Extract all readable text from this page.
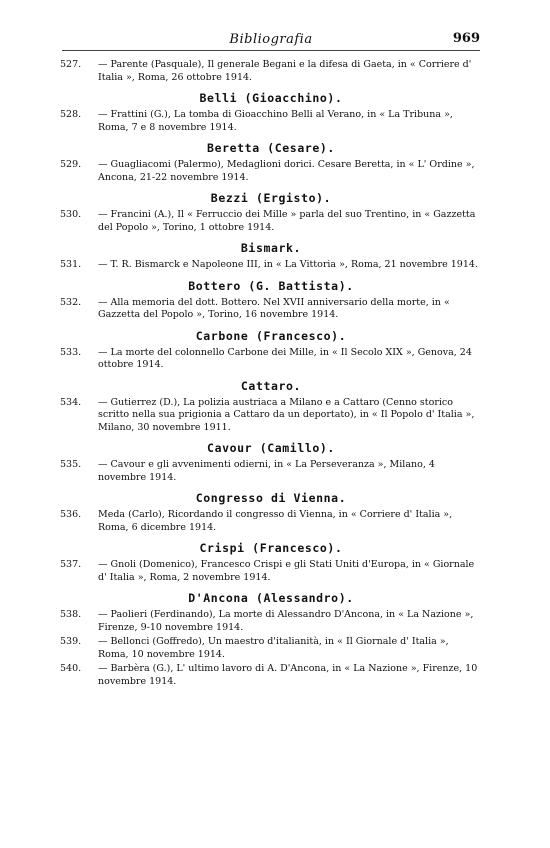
Bibliografia	969
527.	— Parente (Pasquale), Il generale Begani e la difesa di Gaeta, in « Corriere d' Italia », Roma, 26 ottobre 1914.
Belli (Gioacchino).
528.	— Frattini (G.), La tomba di Gioacchino Belli al Verano, in « La Tribuna », Roma, 7 e 8 novembre 1914.
Beretta (Cesare).
529.	— Guagliacomi (Palermo), Medaglioni dorici. Cesare Beretta, in « L' Ordine », Ancona, 21-22 novembre 1914.
Bezzi (Ergisto).
530.	— Francini (A.), Il « Ferruccio dei Mille » parla del suo Trentino, in « Gazzetta del Popolo », Torino, 1 ottobre 1914.
Bismark.
531.	— T. R. Bismarck e Napoleone III, in « La Vittoria », Roma, 21 novembre 1914.
Bottero (G. Battista).
532.	— Alla memoria del dott. Bottero. Nel XVII anniversario della morte, in « Gazzetta del Popolo », Torino, 16 novembre 1914.
Carbone (Francesco).
533.	— La morte del colonnello Carbone dei Mille, in « Il Secolo XIX », Genova, 24 ottobre 1914.
Cattaro.
534.	— Gutierrez (D.), La polizia austriaca a Milano e a Cattaro (Cenno storico scritto nella sua prigionia a Cattaro da un deportato), in « Il Popolo d' Italia », Milano, 30 novembre 1911.
Cavour (Camillo).
535.	— Cavour e gli avvenimenti odierni, in « La Perseveranza », Milano, 4 novembre 1914.
Congresso di Vienna.
536.	Meda (Carlo), Ricordando il congresso di Vienna, in « Corriere d' Italia », Roma, 6 dicembre 1914.
Crispi (Francesco).
537.	— Gnoli (Domenico), Francesco Crispi e gli Stati Uniti d'Europa, in « Giornale d' Italia », Roma, 2 novembre 1914.
D'Ancona (Alessandro).
538.	— Paolieri (Ferdinando), La morte di Alessandro D'Ancona, in « La Nazione », Firenze, 9-10 novembre 1914.
539.	— Bellonci (Goffredo), Un maestro d'italianità, in « Il Giornale d' Italia », Roma, 10 novembre 1914.
540.	— Barbèra (G.), L' ultimo lavoro di A. D'Ancona, in « La Nazione », Firenze, 10 novembre 1914.
